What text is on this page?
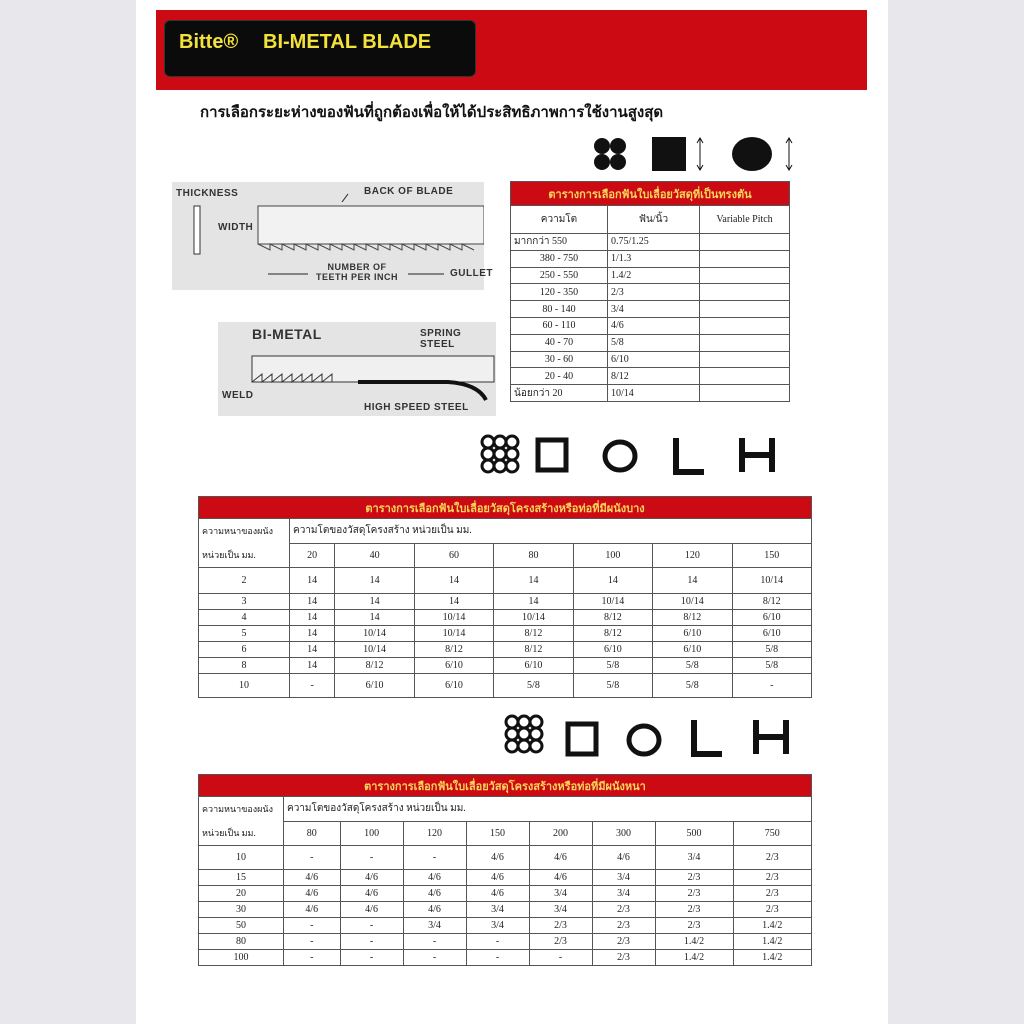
Bitte® BI-METAL BLADE
การเลือกระยะห่างของฟันที่ถูกต้องเพื่อให้ได้ประสิทธิภาพการใช้งานสูงสุด
THICKNESS	BACK OF BLADE
WIDTH
NUMBER OF TEETH PER INCH	GULLET
BI-METAL	SPRING STEEL
WELD
HIGH SPEED STEEL
ตารางการเลือกฟันใบเลื่อยวัสดุที่เป็นทรงตัน		
ความโต	ฟัน/นิ้ว	Variable Pitch
มากกว่า 550	0.75/1.25	
380 - 750	1/1.3	
250 - 550	1.4/2	
120 - 350	2/3	
80 - 140	3/4	
60 - 110	4/6	
40 - 70	5/8	
30 - 60	6/10	
20 - 40	8/12	
น้อยกว่า 20	10/14	
ตารางการเลือกฟันใบเลื่อยวัสดุโครงสร้างหรือท่อที่มีผนังบาง							
ความหนาของผนัง
หน่วยเป็น มม.	ความโตของวัสดุโครงสร้าง หน่วยเป็น มม.						
	20	40	60	80	100	120	150
2	14	14	14	14	14	14	10/14
3	14	14	14	14	10/14	10/14	8/12
4	14	14	10/14	10/14	8/12	8/12	6/10
5	14	10/14	10/14	8/12	8/12	6/10	6/10
6	14	10/14	8/12	8/12	6/10	6/10	5/8
8	14	8/12	6/10	6/10	5/8	5/8	5/8
10	-	6/10	6/10	5/8	5/8	5/8	-
ตารางการเลือกฟันใบเลื่อยวัสดุโครงสร้างหรือท่อที่มีผนังหนา								
ความหนาของผนัง
หน่วยเป็น มม.	ความโตของวัสดุโครงสร้าง หน่วยเป็น มม.							
	80	100	120	150	200	300	500	750
10	-	-	-	4/6	4/6	4/6	3/4	2/3
15	4/6	4/6	4/6	4/6	4/6	3/4	2/3	2/3
20	4/6	4/6	4/6	4/6	3/4	3/4	2/3	2/3
30	4/6	4/6	4/6	3/4	3/4	2/3	2/3	2/3
50	-	-	3/4	3/4	2/3	2/3	2/3	1.4/2
80	-	-	-	-	2/3	2/3	1.4/2	1.4/2
100	-	-	-	-	-	2/3	1.4/2	1.4/2
